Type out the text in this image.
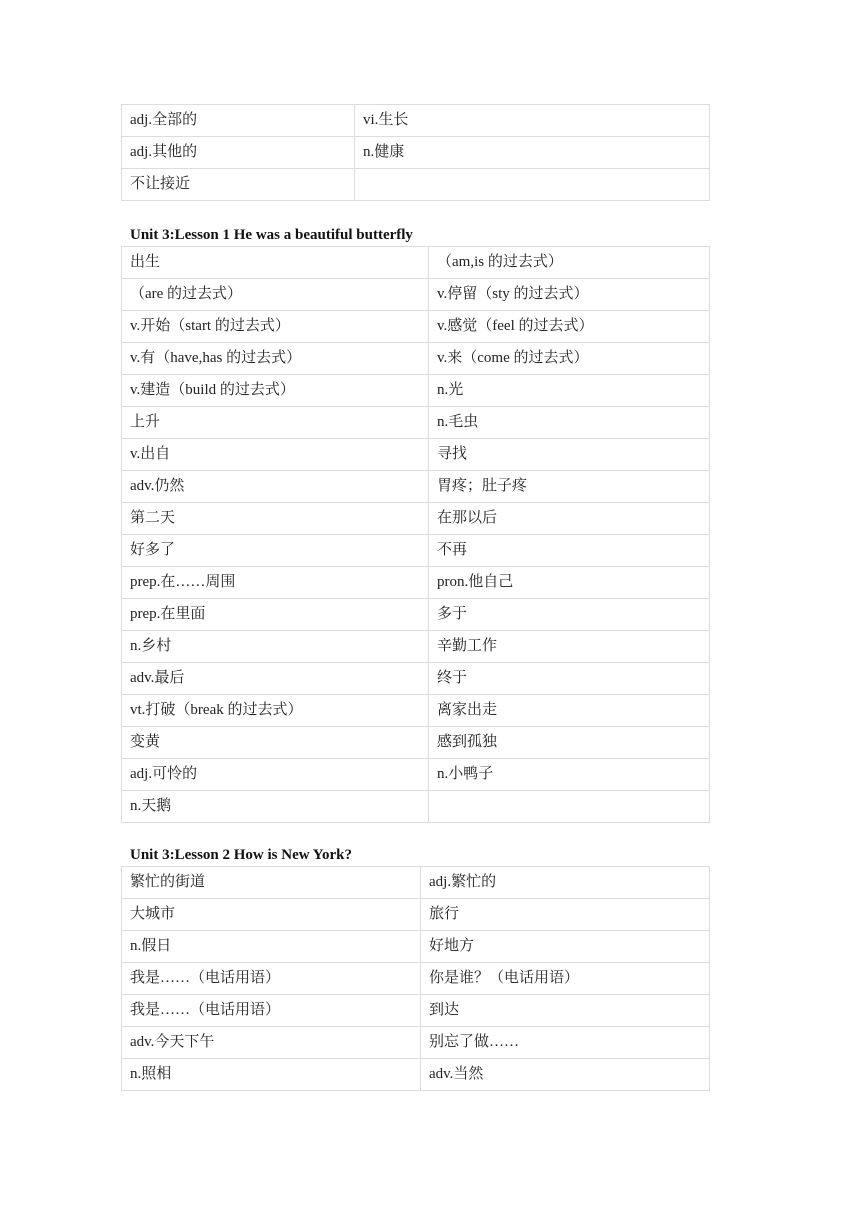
adj.全部的	vi.生长
adj.其他的	n.健康
不让接近	
Unit 3:Lesson 1 He was a beautiful butterfly
出生	（am,is 的过去式）
（are 的过去式）	v.停留（sty 的过去式）
v.开始（start 的过去式）	v.感觉（feel 的过去式）
v.有（have,has 的过去式）	v.来（come 的过去式）
v.建造（build 的过去式）	n.光
上升	n.毛虫
v.出自	寻找
adv.仍然	胃疼；肚子疼
第二天	在那以后
好多了	不再
prep.在……周围	pron.他自己
prep.在里面	多于
n.乡村	辛勤工作
adv.最后	终于
vt.打破（break 的过去式）	离家出走
变黄	感到孤独
adj.可怜的	n.小鸭子
n.天鹅	
Unit 3:Lesson 2 How is New York?
繁忙的街道	adj.繁忙的
大城市	旅行
n.假日	好地方
我是……（电话用语）	你是谁？（电话用语）
我是……（电话用语）	到达
adv.今天下午	别忘了做……
n.照相	adv.当然
